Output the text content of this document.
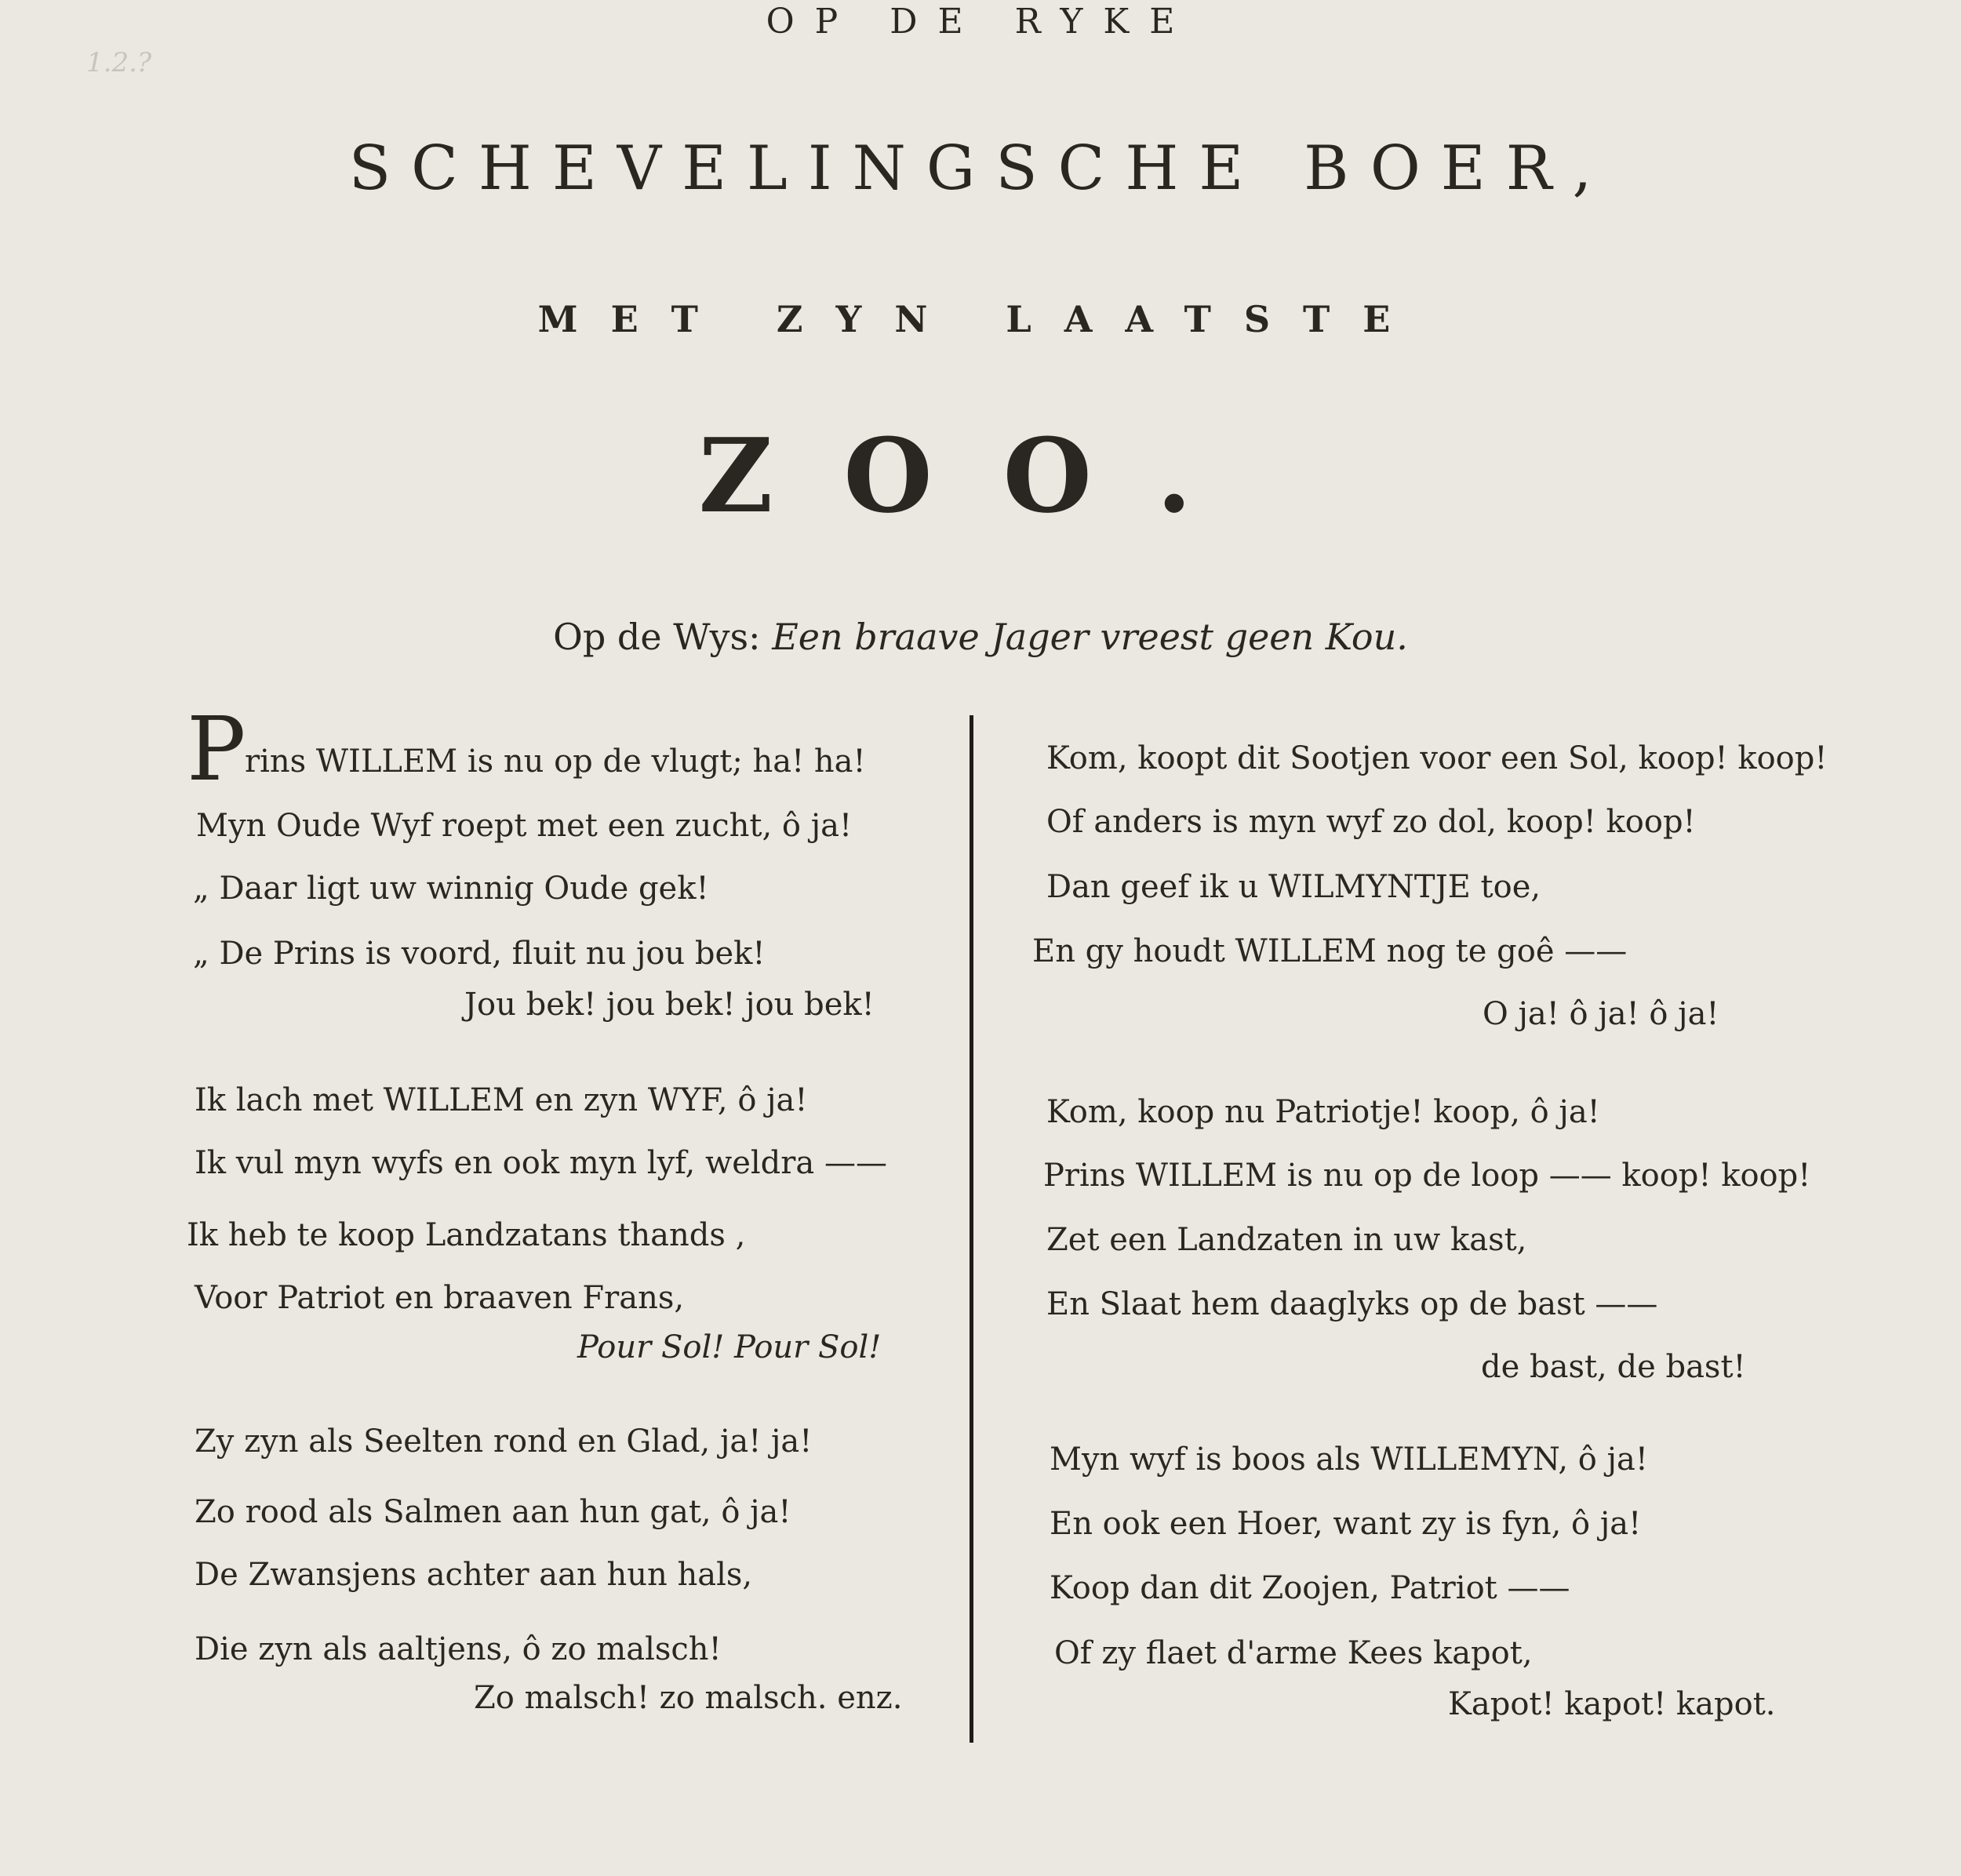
1.2.?
OP DE RYKE
SCHEVELINGSCHE BOER,
MET ZYN LAATSTE
ZOO.
Op de Wys: Een braave Jager vreest geen Kou.
P
rins WILLEM is nu op de vlugt; ha! ha!
Myn Oude Wyf roept met een zucht, ô ja!
„ Daar ligt uw winnig Oude gek!
„ De Prins is voord, fluit nu jou bek!
Jou bek! jou bek! jou bek!
Ik lach met WILLEM en zyn WYF, ô ja!
Ik vul myn wyfs en ook myn lyf, weldra ——
Ik heb te koop Landzatans thands ,
Voor Patriot en braaven Frans,
Pour Sol! Pour Sol!
Zy zyn als Seelten rond en Glad, ja! ja!
Zo rood als Salmen aan hun gat, ô ja!
De Zwansjens achter aan hun hals,
Die zyn als aaltjens, ô zo malsch!
Zo malsch! zo malsch. enz.
Kom, koopt dit Sootjen voor een Sol, koop! koop!
Of anders is myn wyf zo dol, koop! koop!
Dan geef ik u WILMYNTJE toe,
En gy houdt WILLEM nog te goê ——
O ja! ô ja! ô ja!
Kom, koop nu Patriotje! koop, ô ja!
Prins WILLEM is nu op de loop —— koop! koop!
Zet een Landzaten in uw kast,
En Slaat hem daaglyks op de bast ——
de bast, de bast!
Myn wyf is boos als WILLEMYN, ô ja!
En ook een Hoer, want zy is fyn, ô ja!
Koop dan dit Zoojen, Patriot ——
Of zy flaet d'arme Kees kapot,
Kapot! kapot! kapot.
